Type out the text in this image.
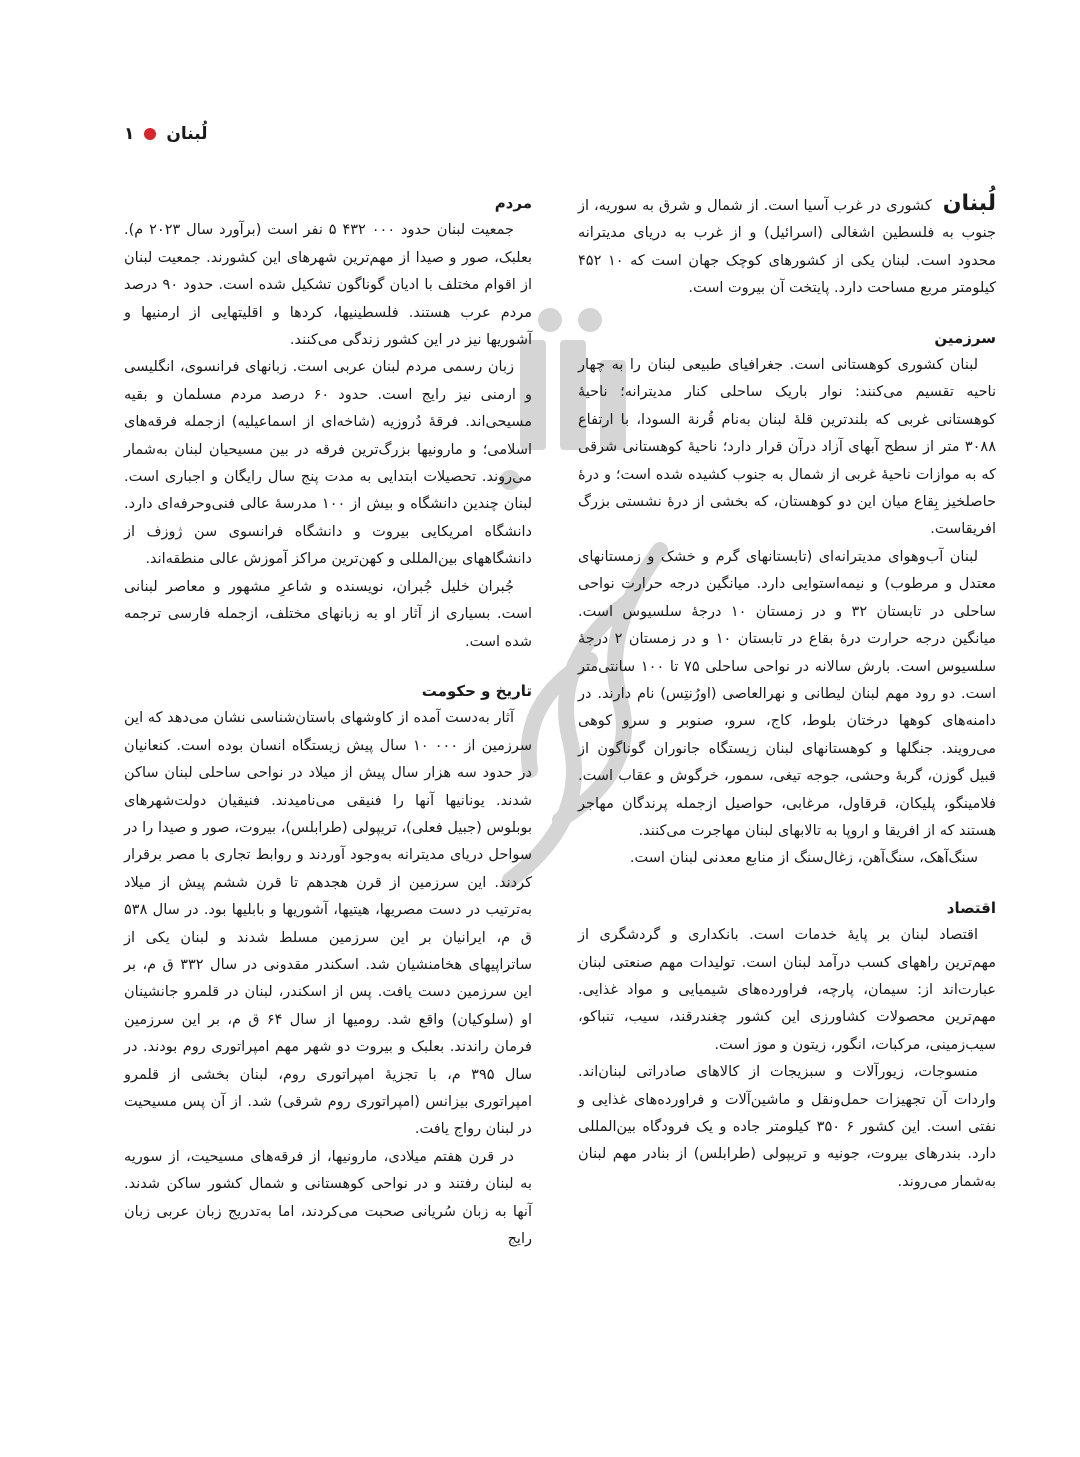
لُبنان
۱

لُبنان کشوری در غرب آسیا است. از شمال و شرق به سوریه، از جنوب به فلسطین اشغالی (اسرائیل) و از غرب به دریای مدیترانه محدود است. لبنان یکی از کشورهای کوچک جهان است که ۱۰ ۴۵۲ کیلومتر مربع مساحت دارد. پایتخت آن بیروت است.

سرزمین

لبنان کشوری کوهستانی است. جغرافیای طبیعی لبنان را به چهار ناحیه تقسیم می‌کنند: نوار باریک ساحلی کنار مدیترانه؛ ناحیهٔ کوهستانی غربی که بلندترین قلهٔ لبنان به‌نام قُرنة السودا، با ارتفاع ۳۰۸۸ متر از سطح آبهای آزاد درآن قرار دارد؛ ناحیهٔ کوهستانی شرقی که به موازات ناحیهٔ غربی از شمال به جنوب کشیده شده است؛ و درهٔ حاصلخیز بِقاع میان این دو کوهستان، که بخشی از درهٔ نشستی بزرگ افریقا‌ست.

لبنان آب‌وهوای مدیترانه‌ای (تابستانهای گرم و خشک و زمستانهای معتدل و مرطوب) و نیمه‌استوایی دارد. میانگین درجه حرارت نواحی ساحلی در تابستان ۳۲ و در زمستان ۱۰ درجهٔ سلسیوس است. میانگین درجه حرارت درهٔ بقاع در تابستان ۱۰ و در زمستان ۲ درجهٔ سلسیوس است. بارش سالانه در نواحی ساحلی ۷۵ تا ۱۰۰ سانتی‌متر است. دو رود مهم لبنان لیطانی و نهرالعاصی (اورُنتِس) نام دارند. در دامنه‌های کوهها درختان بلوط، کاج، سرو، صنوبر و سرو کوهی می‌رویند. جنگلها و کوهستانهای لبنان زیستگاه جانوران گوناگون از قبیل گوزن، گربهٔ وحشی، جوجه تیغی، سمور، خرگوش و عقاب است. فلامینگو، پلیکان، قرقاول، مرغابی، حواصیل ازجمله پرندگان مهاجر هستند که از افریقا و اروپا به تالابهای لبنان مهاجرت می‌کنند.

سنگ‌آهک، سنگ‌آهن، زغال‌سنگ از منابع معدنی لبنان است.

اقتصاد

اقتصاد لبنان بر پایهٔ خدمات است. بانکداری و گردشگری از مهم‌ترین راههای کسب درآمد لبنان است. تولیدات مهم صنعتی لبنان عبارت‌اند از: سیمان، پارچه، فراورده‌های شیمیایی و مواد غذایی. مهم‌ترین محصولات کشاورزی این کشور چغندرقند، سیب، تنباکو، سیب‌زمینی، مرکبات، انگور، زیتون و موز است.

منسوجات، زیورآلات و سبزیجات از کالاهای صادراتی لبنان‌اند. واردات آن تجهیزات حمل‌ونقل و ماشین‌آلات و فراورده‌های غذایی و نفتی است. این کشور ۶ ۳۵۰ کیلومتر جاده و یک فرودگاه بین‌المللی دارد. بندرهای بیروت، جونیه و تریپولی (طرابلس) از بنادر مهم لبنان به‌شمار می‌روند.

مردم

جمعیت لبنان حدود ۰۰۰ ۴۳۲ ۵ نفر است (برآورد سال ۲۰۲۳ م). بعلبک، صور و صیدا از مهم‌ترین شهرهای این کشورند. جمعیت لبنان از اقوام مختلف با ادیان گوناگون تشکیل شده است. حدود ۹۰ درصد مردم عرب هستند. فلسطینیها، کردها و اقلیتهایی از ارمنیها و آشوریها نیز در این کشور زندگی می‌کنند.

زبان رسمی مردم لبنان عربی است. زبانهای فرانسوی، انگلیسی و ارمنی نیز رایج است. حدود ۶۰ درصد مردم مسلمان و بقیه مسیحی‌اند. فرقهٔ دُروزیه (شاخه‌ای از اسماعیلیه) ازجمله فرقه‌های اسلامی؛ و مارونیها بزرگ‌ترین فرقه در بین مسیحیان لبنان به‌شمار می‌روند. تحصیلات ابتدایی به مدت پنج سال رایگان و اجباری است. لبنان چندین دانشگاه و بیش از ۱۰۰ مدرسهٔ عالی فنی‌وحرفه‌ای دارد. دانشگاه امریکایی بیروت و دانشگاه فرانسوی سن ژوزف از دانشگاههای بین‌المللی و کهن‌ترین مراکز آموزش عالی منطقه‌اند.

جُبران خلیل جُبران، نویسنده و شاعرِ مشهور و معاصر لبنانی است. بسیاری از آثار او به زبانهای مختلف، ازجمله فارسی ترجمه شده است.

تاریخ و حکومت

آثار به‌دست آمده از کاوشهای باستان‌شناسی نشان می‌دهد که این سرزمین از ۰۰۰ ۱۰ سال پیش زیستگاه انسان بوده است. کنعانیان در حدود سه هزار سال پیش از میلاد در نواحی ساحلی لبنان ساکن شدند. یونانیها آنها را فنیقی می‌نامیدند. فنیقیان دولت‌شهرهای بوبلوس (جبیل فعلی)، تریپولی (طرابلس)، بیروت، صور و صیدا را در سواحل دریای مدیترانه به‌وجود آوردند و روابط تجاری با مصر برقرار کردند. این سرزمین از قرن هجدهم تا قرن ششم پیش از میلاد به‌ترتیب در دست مصریها، هیتیها، آشوریها و بابلیها بود. در سال ۵۳۸ ق م، ایرانیان بر این سرزمین مسلط شدند و لبنان یکی از ساتراپیهای هخامنشیان شد. اسکندر مقدونی در سال ۳۳۲ ق م، بر این سرزمین دست یافت. پس از اسکندر، لبنان در قلمرو جانشینان او (سلوکیان) واقع شد. رومیها از سال ۶۴ ق م، بر این سرزمین فرمان راندند. بعلبک و بیروت دو شهر مهم امپراتوری روم بودند. در سال ۳۹۵ م، با تجزیهٔ امپراتوری روم، لبنان بخشی از قلمرو امپراتوری بیزانس (امپراتوری روم شرقی) شد. از آن پس مسیحیت در لبنان رواج یافت.

در قرن هفتم میلادی، مارونیها، از فرقه‌های مسیحیت، از سوریه به لبنان رفتند و در نواحی کوهستانی و شمال کشور ساکن شدند. آنها به زبان سُریانی صحبت می‌کردند، اما به‌تدریج زبان عربی زبان رایج
